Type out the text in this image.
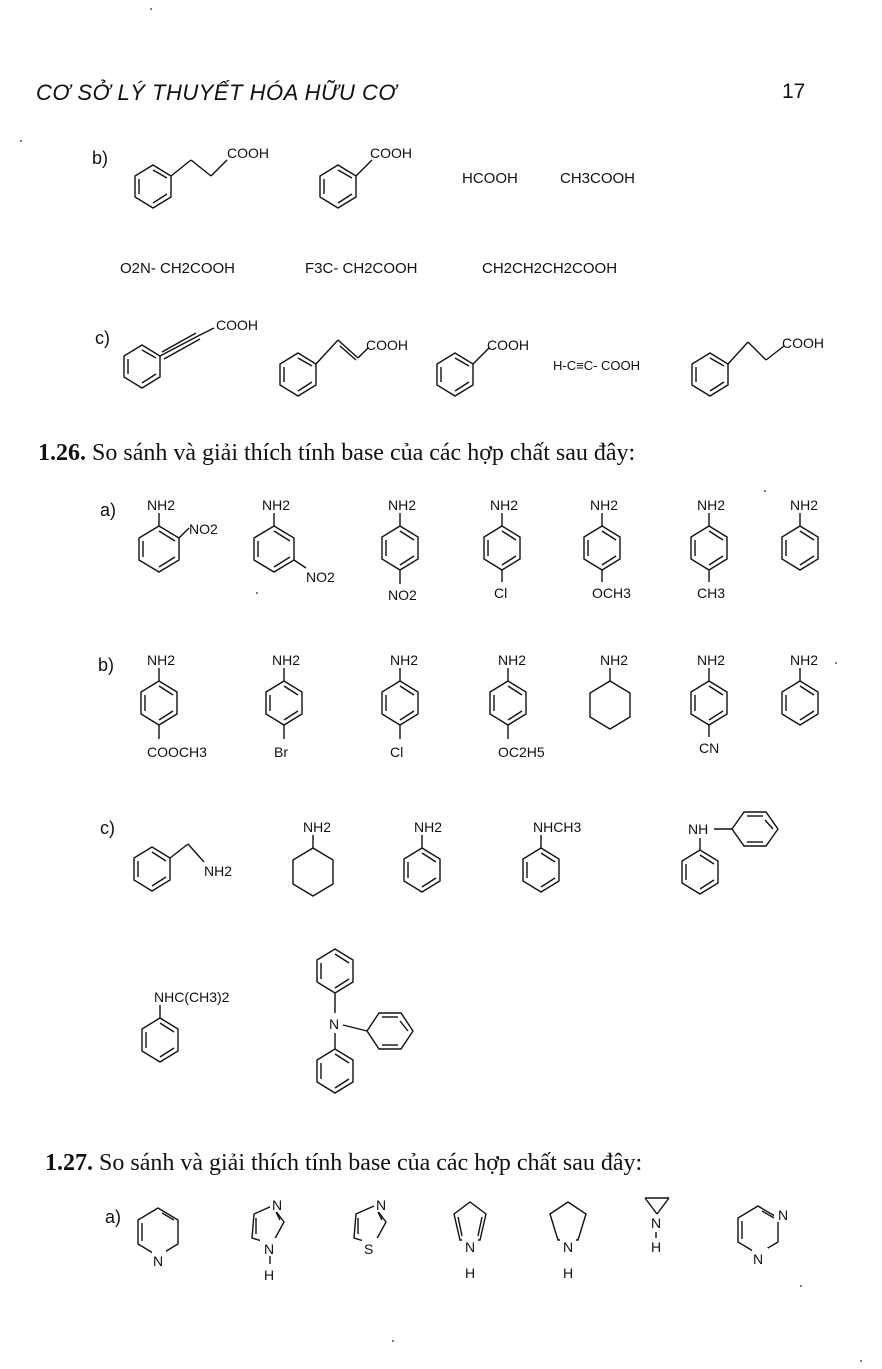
CƠ SỞ LÝ THUYẾT HÓA HỮU CƠ	17
b)	COOH	COOH
HCOOH	CH3COOH
O2N- CH2COOH	F3C- CH2COOH	CH2CH2CH2COOH
c)
COOH
COOH	COOH
H-C≡C- COOH
COOH
1.26. So sánh và giải thích tính base của các hợp chất sau đây:
a) NH2
NO2
NH2
NO2
NH2
NO2
NH2
Cl
NH2
OCH3
NH2
CH3
NH2
b) NH2
COOCH3
NH2
Br
NH2
Cl
NH2
OC2H5
NH2	NH2
CN
NH2
c)
NH2
NH2	NH2	NHCH3	NH
NHC(CH3)2
N
1.27. So sánh và giải thích tính base của các hợp chất sau đây:
a)
N
N
N
H
N
S	N
H
N
H
N
H
N
N
